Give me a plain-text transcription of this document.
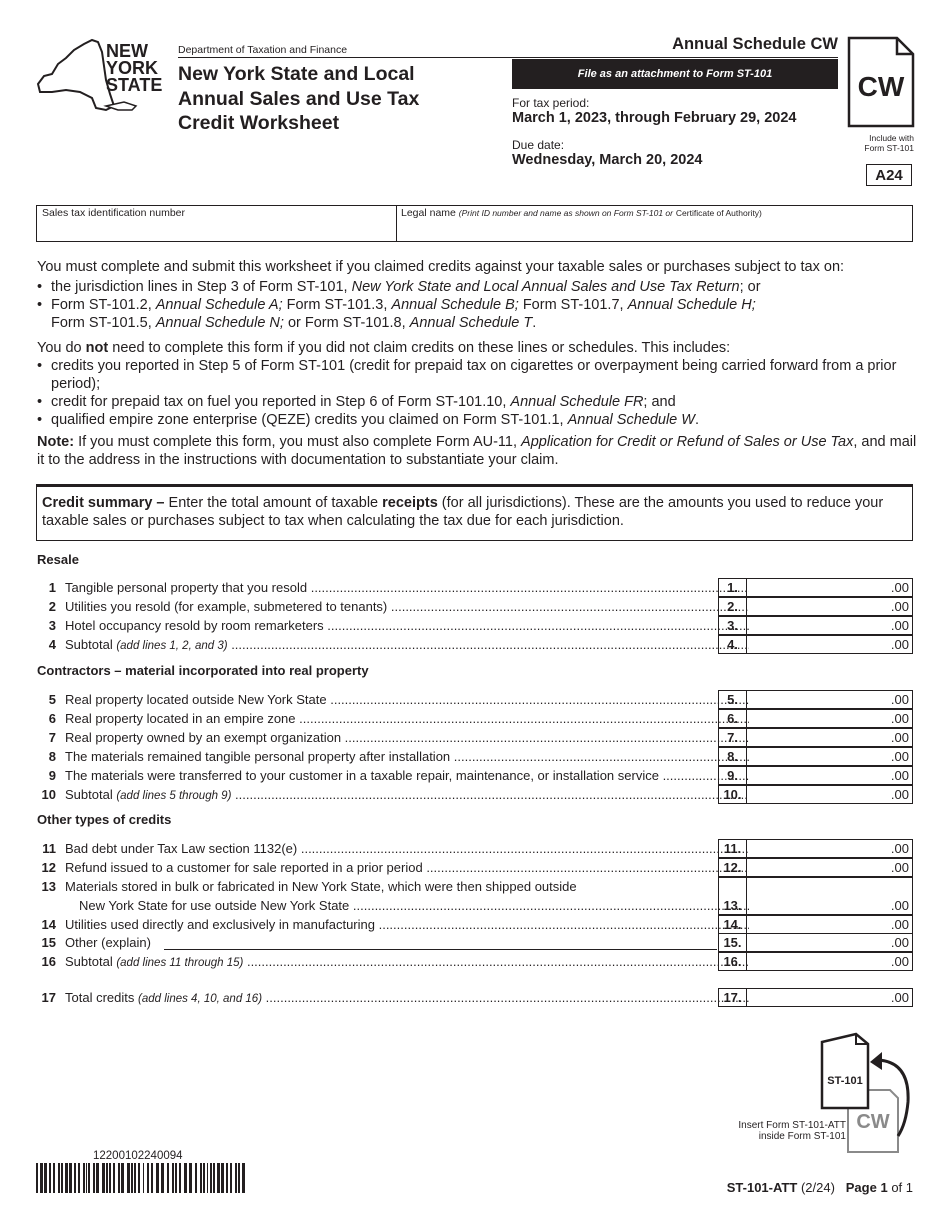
NEW
YORK
STATE
Department of Taxation and Finance
New York State and Local
Annual Sales and Use Tax
Credit Worksheet
Annual Schedule CW
File as an attachment to Form ST-101
For tax period:
March 1, 2023, through February 29, 2024
Due date:
Wednesday, March 20, 2024
CW
Include with
Form ST-101
A24
Sales tax identification number	Legal name (Print ID number and name as shown on Form ST-101 or Certificate of Authority)
You must complete and submit this worksheet if you claimed credits against your taxable sales or purchases subject to tax on:
• the jurisdiction lines in Step 3 of Form ST-101, New York State and Local Annual Sales and Use Tax Return; or
• Form ST-101.2, Annual Schedule A; Form ST-101.3, Annual Schedule B; Form ST-101.7, Annual Schedule H;
Form ST-101.5, Annual Schedule N; or Form ST-101.8, Annual Schedule T.
You do not need to complete this form if you did not claim credits on these lines or schedules. This includes:
• credits you reported in Step 5 of Form ST-101 (credit for prepaid tax on cigarettes or overpayment being carried forward from a prior period);
• credit for prepaid tax on fuel you reported in Step 6 of Form ST-101.10, Annual Schedule FR; and
• qualified empire zone enterprise (QEZE) credits you claimed on Form ST-101.1, Annual Schedule W.
Note: If you must complete this form, you must also complete Form AU-11, Application for Credit or Refund of Sales or Use Tax, and mail it to the address in the instructions with documentation to substantiate your claim.
Credit summary – Enter the total amount of taxable receipts (for all jurisdictions). These are the amounts you used to reduce your taxable sales or purchases subject to tax when calculating the tax due for each jurisdiction.
Resale
Contractors – material incorporated into real property
Other types of credits
1 Tangible personal property that you resold .....	1.	.00
2 Utilities you resold (for example, submetered to tenants) .....	2.	.00
3 Hotel occupancy resold by room remarketers .....	3.	.00
4 Subtotal (add lines 1, 2, and 3) .....	4.	.00
5 Real property located outside New York State .....	5.	.00
6 Real property located in an empire zone .....	6.	.00
7 Real property owned by an exempt organization .....	7.	.00
8 The materials remained tangible personal property after installation .....	8.	.00
9 The materials were transferred to your customer in a taxable repair, maintenance, or installation service .....	9.	.00
10 Subtotal (add lines 5 through 9) .....	10.	.00
11 Bad debt under Tax Law section 1132(e) .....	11.	.00
12 Refund issued to a customer for sale reported in a prior period .....	12.	.00
13 Materials stored in bulk or fabricated in New York State, which were then shipped outside
New York State for use outside New York State .....	13.	.00
14 Utilities used directly and exclusively in manufacturing .....	14.	.00
15 Other (explain)	15.	.00
16 Subtotal (add lines 11 through 15) .....	16.	.00
17 Total credits (add lines 4, 10, and 16) .....	17.	.00
CW
ST-101
Insert Form ST-101-ATT
inside Form ST-101
12200102240094
ST-101-ATT (2/24) Page 1 of 1
